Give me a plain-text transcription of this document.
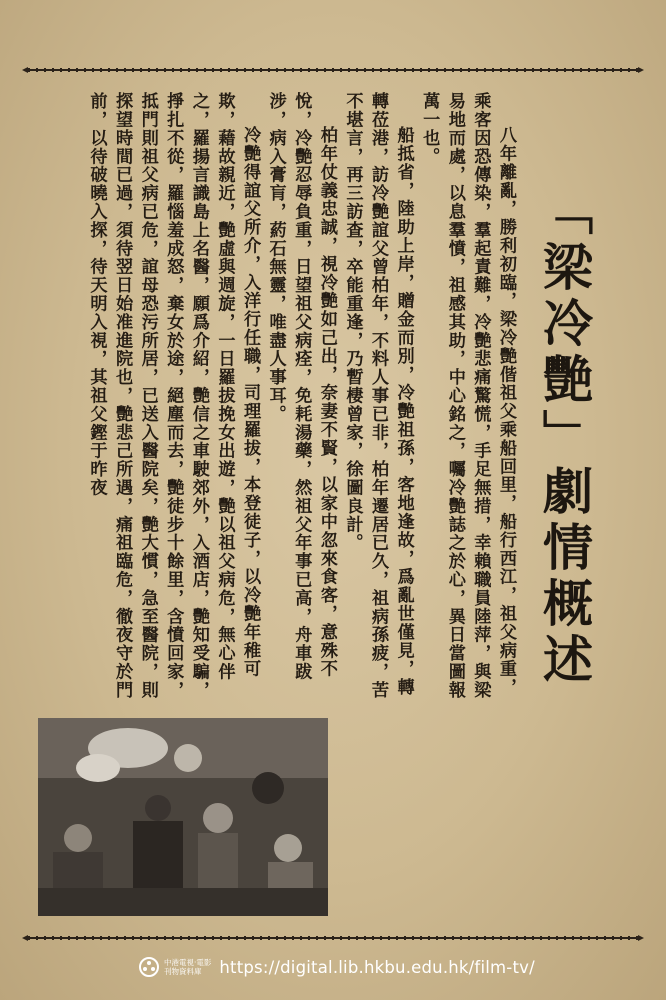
「梁冷艷」劇情概述

八年離亂，勝利初臨，梁冷艷偕祖父乘船回里，船行西江，祖父病重，乘客因恐傳染，羣起責難，冷艷悲痛驚慌，手足無措，幸賴職員陸萍，與梁易地而處，以息羣憤，祖感其助，中心銘之，囑冷艷誌之於心，異日當圖報萬一也。

船抵省，陸助上岸，贈金而別，冷艷祖孫，客地逢故，爲亂世僅見，轉轉莅港，訪冷艷誼父曾柏年，不料人事已非，柏年遷居已久，祖病孫疲，苦不堪言，再三訪查，卒能重逢，乃暫棲曾家，徐圖良計。

柏年仗義忠誠，視冷艷如己出，奈妻不賢，以家中忽來食客，意殊不悅，冷艷忍辱負重，日望祖父病痊，免耗湯藥，然祖父年事已高，舟車跋涉，病入膏肓，葯石無靈，唯盡人事耳。

冷艷得誼父所介，入洋行任職，司理羅拔，本登徒子，以冷艷年稚可欺，藉故親近，艷虛與週旋，一日羅拔挽女出遊，艷以祖父病危，無心伴之，羅揚言識島上名醫，願爲介紹，艷信之車駛郊外，入酒店，艷知受騙，掙扎不從，羅惱羞成怒，棄女於途，絕塵而去，艷徒步十餘里，含憤回家，抵門則祖父病已危，誼母恐污所居，已送入醫院矣，艷大慣，急至醫院，則探望時間已過，須待翌日始准進院也，艷悲己所遇，痛祖臨危，徹夜守於門前，以待破曉入探，待天明入視，其祖父鏗于昨夜

中港電視·電影
刊物資料庫	https://digital.lib.hkbu.edu.hk/film-tv/
